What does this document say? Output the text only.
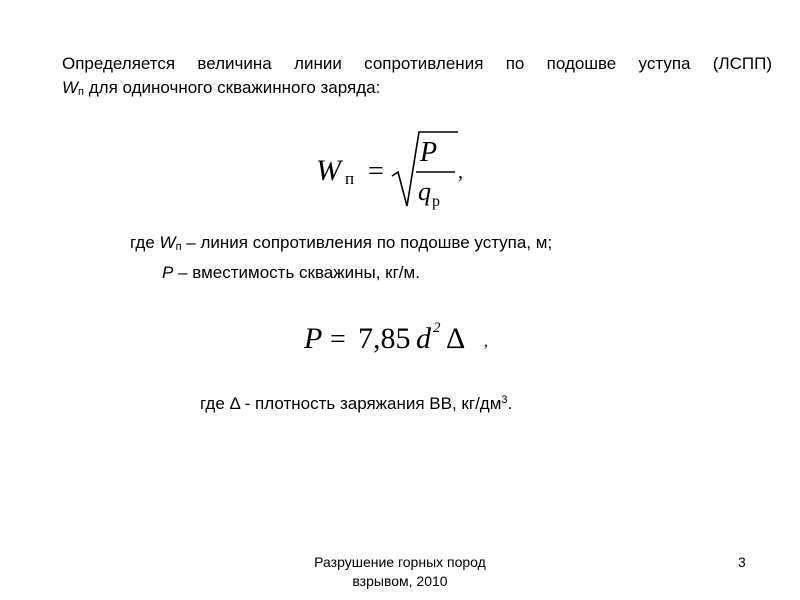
Определяется величина линии сопротивления по подошве уступа (ЛСПП)
Wп для одиночного скважинного заряда:
W п =
P
q р
,
где Wп – линия сопротивления по подошве уступа, м;
P – вместимость скважины, кг/м.
P = 7,85 d 2 Δ ,
где Δ - плотность заряжания ВВ, $кг/дм^3$.
Разрушение горных пород
взрывом, 2010
3
